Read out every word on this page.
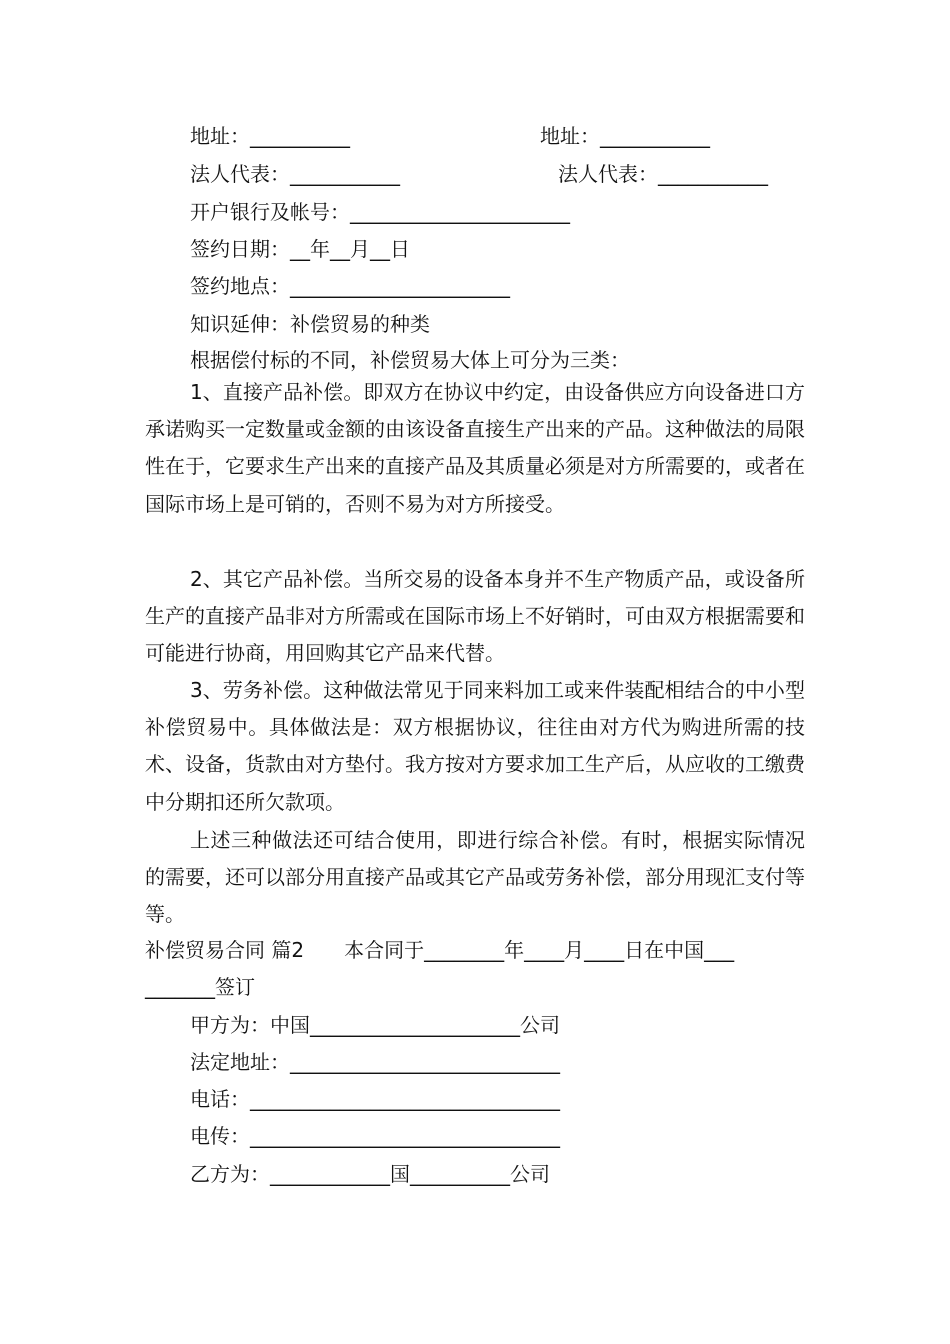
地址：__________	地址：___________
法人代表：___________	法人代表：___________
开户银行及帐号：______________________
签约日期：__年__月__日
签约地点：______________________
知识延伸：补偿贸易的种类
根据偿付标的不同，补偿贸易大体上可分为三类：

1、直接产品补偿。即双方在协议中约定，由设备供应方向设备进口方承诺购买一定数量或金额的由该设备直接生产出来的产品。这种做法的局限性在于，它要求生产出来的直接产品及其质量必须是对方所需要的，或者在国际市场上是可销的，否则不易为对方所接受。

2、其它产品补偿。当所交易的设备本身并不生产物质产品，或设备所生产的直接产品非对方所需或在国际市场上不好销时，可由双方根据需要和可能进行协商，用回购其它产品来代替。

3、劳务补偿。这种做法常见于同来料加工或来件装配相结合的中小型补偿贸易中。具体做法是：双方根据协议，往往由对方代为购进所需的技术、设备，货款由对方垫付。我方按对方要求加工生产后，从应收的工缴费中分期扣还所欠款项。

上述三种做法还可结合使用，即进行综合补偿。有时，根据实际情况的需要，还可以部分用直接产品或其它产品或劳务补偿，部分用现汇支付等等。

补偿贸易合同 篇2　　本合同于________年____月____日在中国___
_______签订
甲方为：中国_____________________公司
法定地址：___________________________
电话：_______________________________
电传：_______________________________
乙方为：____________国__________公司
